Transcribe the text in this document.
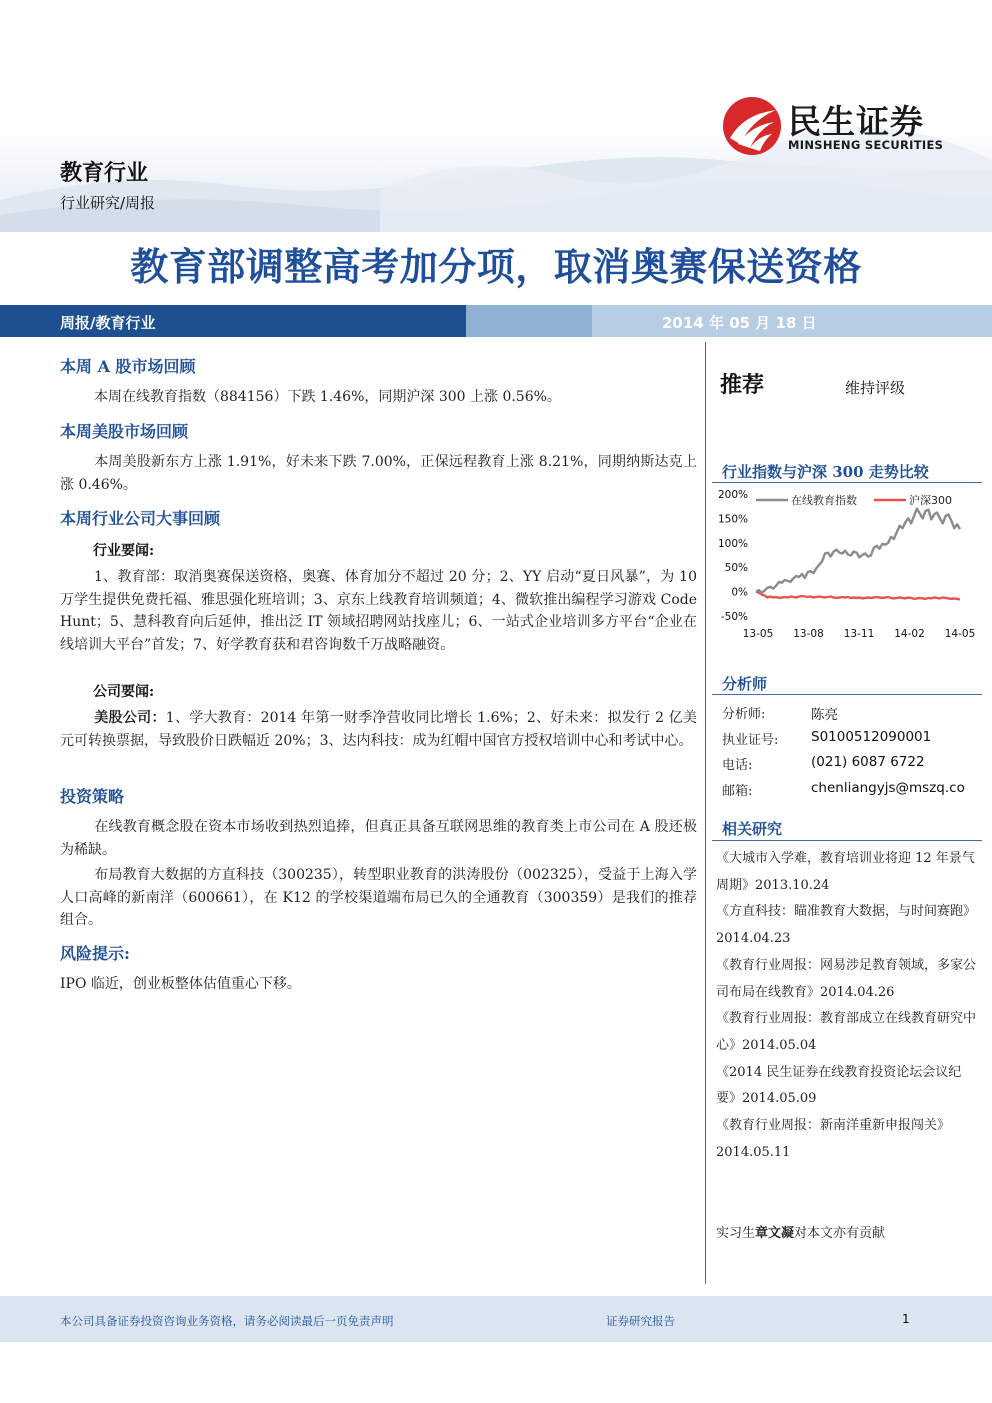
民生证券
MINSHENG SECURITIES
教育行业
行业研究/周报
教育部调整高考加分项，取消奥赛保送资格
周报/教育行业	2014 年 05 月 18 日
本周 A 股市场回顾
本周在线教育指数（884156）下跌 1.46%，同期沪深 300 上涨 0.56%。
本周美股市场回顾
本周美股新东方上涨 1.91%，好未来下跌 7.00%，正保远程教育上涨 8.21%，同期纳斯达克上涨 0.46%。
本周行业公司大事回顾
行业要闻:
1、教育部：取消奥赛保送资格，奥赛、体育加分不超过 20 分；2、YY 启动“夏日风暴”，为 10 万学生提供免费托福、雅思强化班培训；3、京东上线教育培训频道；4、微软推出编程学习游戏 Code Hunt；5、慧科教育向后延伸，推出泛 IT 领域招聘网站找座儿；6、一站式企业培训多方平台“企业在线培训大平台”首发；7、好学教育获和君咨询数千万战略融资。
公司要闻:
美股公司：1、学大教育：2014 年第一财季净营收同比增长 1.6%；2、好未来：拟发行 2 亿美元可转换票据，导致股价日跌幅近 20%；3、达内科技：成为红帽中国官方授权培训中心和考试中心。
投资策略
在线教育概念股在资本市场收到热烈追捧，但真正具备互联网思维的教育类上市公司在 A 股还极为稀缺。
布局教育大数据的方直科技（300235），转型职业教育的洪涛股份（002325），受益于上海入学人口高峰的新南洋（600661），在 K12 的学校渠道端布局已久的全通教育（300359）是我们的推荐组合。
风险提示:
IPO 临近，创业板整体估值重心下移。
推荐	维持评级
行业指数与沪深 300 走势比较
200%
150%
100%
50%
0%
-50%
13-05 13-08 13-11 14-02 14-05
在线教育指数	沪深300
分析师
分析师:	陈亮
执业证号: S0100512090001
电话:	(021) 6087 6722
邮箱:	chenliangyjs@mszq.co
相关研究
《大城市入学难，教育培训业将迎 12 年景气周期》2013.10.24
《方直科技：瞄准教育大数据，与时间赛跑》2014.04.23
《教育行业周报：网易涉足教育领域，多家公司布局在线教育》2014.04.26
《教育行业周报：教育部成立在线教育研究中心》2014.05.04
《2014 民生证券在线教育投资论坛会议纪要》2014.05.09
《教育行业周报：新南洋重新申报闯关》2014.05.11
实习生章文凝对本文亦有贡献
本公司具备证券投资咨询业务资格，请务必阅读最后一页免责声明	证券研究报告	1
